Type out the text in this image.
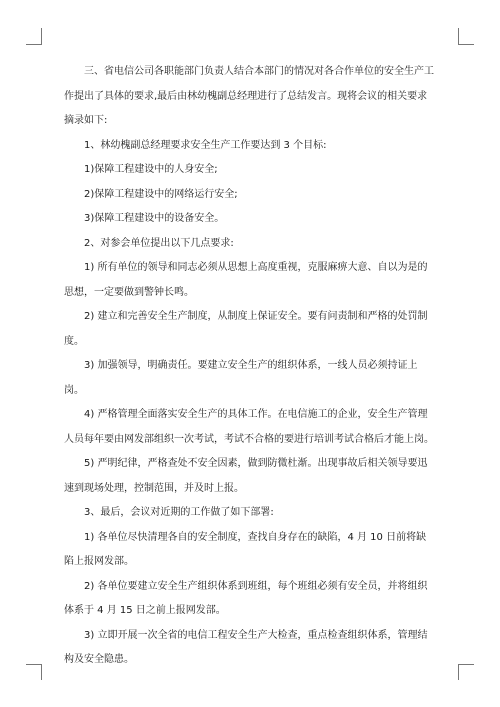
三、省电信公司各职能部门负责人结合本部门的情况对各合作单位的安全生产工作提出了具体的要求,最后由林幼槐副总经理进行了总结发言。现将会议的相关要求摘录如下:

1、林幼槐副总经理要求安全生产工作要达到 3 个目标:

1)保障工程建设中的人身安全;

2)保障工程建设中的网络运行安全;

3)保障工程建设中的设备安全。

2、对参会单位提出以下几点要求:

1) 所有单位的领导和同志必须从思想上高度重视，克服麻痹大意、自以为是的思想，一定要做到警钟长鸣。

2) 建立和完善安全生产制度，从制度上保证安全。要有问责制和严格的处罚制度。

3) 加强领导，明确责任。要建立安全生产的组织体系，一线人员必须持证上岗。

4) 严格管理全面落实安全生产的具体工作。在电信施工的企业，安全生产管理人员每年要由网发部组织一次考试，考试不合格的要进行培训考试合格后才能上岗。

5) 严明纪律，严格查处不安全因素，做到防微杜渐。出现事故后相关领导要迅速到现场处理，控制范围，并及时上报。

3、最后，会议对近期的工作做了如下部署:

1) 各单位尽快清理各自的安全制度，查找自身存在的缺陷，4 月 10 日前将缺陷上报网发部。

2) 各单位要建立安全生产组织体系到班组，每个班组必须有安全员，并将组织体系于 4 月 15 日之前上报网发部。

3) 立即开展一次全省的电信工程安全生产大检查，重点检查组织体系，管理结构及安全隐患。
